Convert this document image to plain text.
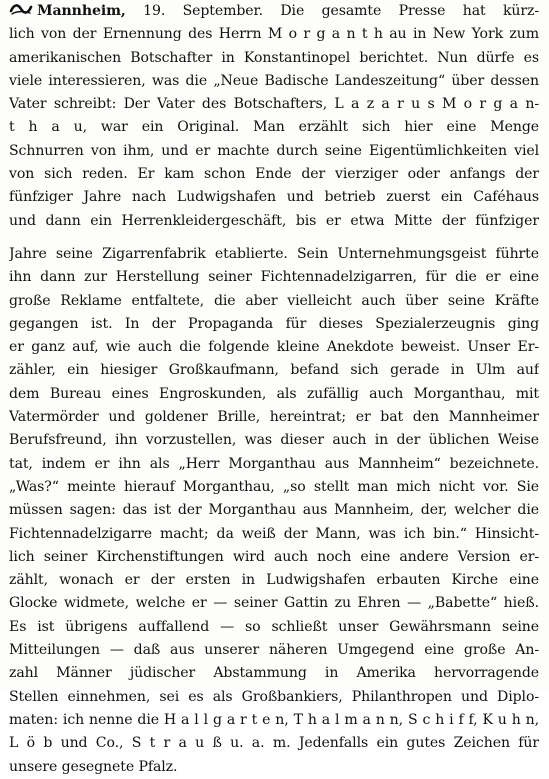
Mannheim, 19. September. Die gesamte Presse hat kürz-
lich von der Ernennung des Herrn M o r g a n t h au in New York zum
amerikanischen Botschafter in Konstantinopel berichtet. Nun dürfe es
viele interessieren, was die „Neue Badische Landeszeitung“ über dessen
Vater schreibt: Der Vater des Botschafters, L a z a r u s M o r g a n-
t h a u, war ein Original. Man erzählt sich hier eine Menge
Schnurren von ihm, und er machte durch seine Eigentümlichkeiten viel
von sich reden. Er kam schon Ende der vierziger oder anfangs der
fünfziger Jahre nach Ludwigshafen und betrieb zuerst ein Caféhaus
und dann ein Herrenkleidergeschäft, bis er etwa Mitte der fünfziger
Jahre seine Zigarrenfabrik etablierte. Sein Unternehmungsgeist führte
ihn dann zur Herstellung seiner Fichtennadelzigarren, für die er eine
große Reklame entfaltete, die aber vielleicht auch über seine Kräfte
gegangen ist. In der Propaganda für dieses Spezialerzeugnis ging
er ganz auf, wie auch die folgende kleine Anekdote beweist. Unser Er-
zähler, ein hiesiger Großkaufmann, befand sich gerade in Ulm auf
dem Bureau eines Engroskunden, als zufällig auch Morganthau, mit
Vatermörder und goldener Brille, hereintrat; er bat den Mannheimer
Berufsfreund, ihn vorzustellen, was dieser auch in der üblichen Weise
tat, indem er ihn als „Herr Morganthau aus Mannheim“ bezeichnete.
„Was?“ meinte hierauf Morganthau, „so stellt man mich nicht vor. Sie
müssen sagen: das ist der Morganthau aus Mannheim, der, welcher die
Fichtennadelzigarre macht; da weiß der Mann, was ich bin.“ Hinsicht-
lich seiner Kirchenstiftungen wird auch noch eine andere Version er-
zählt, wonach er der ersten in Ludwigshafen erbauten Kirche eine
Glocke widmete, welche er — seiner Gattin zu Ehren — „Babette“ hieß.
Es ist übrigens auffallend — so schließt unser Gewährsmann seine
Mitteilungen — daß aus unserer näheren Umgegend eine große An-
zahl Männer jüdischer Abstammung in Amerika hervorragende
Stellen einnehmen, sei es als Großbankiers, Philanthropen und Diplo-
maten: ich nenne die H a l l g a r t e n, T h a l m a n n, S c h i f f, K u h n,
L ö b und Co., S t r a u ß u. a. m. Jedenfalls ein gutes Zeichen für
unsere gesegnete Pfalz.
